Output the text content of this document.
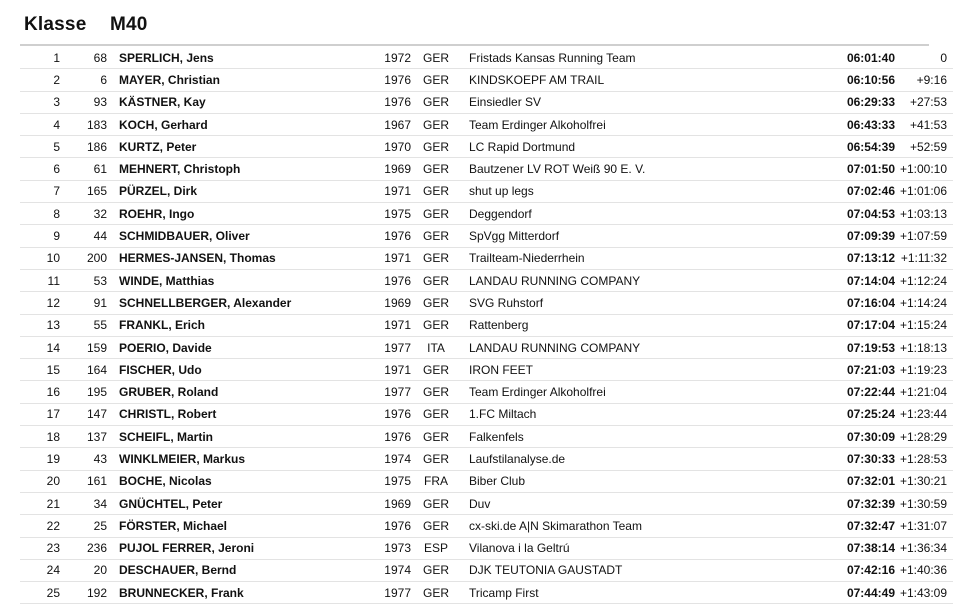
Klasse M40
1	68	SPERLICH, Jens	1972	GER	Fristads Kansas Running Team	06:01:40	0
2	6	MAYER, Christian	1976	GER	KINDSKOEPF AM TRAIL	06:10:56	+9:16
3	93	KÄSTNER, Kay	1976	GER	Einsiedler SV	06:29:33	+27:53
4	183	KOCH, Gerhard	1967	GER	Team Erdinger Alkoholfrei	06:43:33	+41:53
5	186	KURTZ, Peter	1970	GER	LC Rapid Dortmund	06:54:39	+52:59
6	61	MEHNERT, Christoph	1969	GER	Bautzener LV ROT Weiß 90 E. V.	07:01:50	+1:00:10
7	165	PÜRZEL, Dirk	1971	GER	shut up legs	07:02:46	+1:01:06
8	32	ROEHR, Ingo	1975	GER	Deggendorf	07:04:53	+1:03:13
9	44	SCHMIDBAUER, Oliver	1976	GER	SpVgg Mitterdorf	07:09:39	+1:07:59
10	200	HERMES-JANSEN, Thomas	1971	GER	Trailteam-Niederrhein	07:13:12	+1:11:32
11	53	WINDE, Matthias	1976	GER	LANDAU RUNNING COMPANY	07:14:04	+1:12:24
12	91	SCHNELLBERGER, Alexander	1969	GER	SVG Ruhstorf	07:16:04	+1:14:24
13	55	FRANKL, Erich	1971	GER	Rattenberg	07:17:04	+1:15:24
14	159	POERIO, Davide	1977	ITA	LANDAU RUNNING COMPANY	07:19:53	+1:18:13
15	164	FISCHER, Udo	1971	GER	IRON FEET	07:21:03	+1:19:23
16	195	GRUBER, Roland	1977	GER	Team Erdinger Alkoholfrei	07:22:44	+1:21:04
17	147	CHRISTL, Robert	1976	GER	1.FC Miltach	07:25:24	+1:23:44
18	137	SCHEIFL, Martin	1976	GER	Falkenfels	07:30:09	+1:28:29
19	43	WINKLMEIER, Markus	1974	GER	Laufstilanalyse.de	07:30:33	+1:28:53
20	161	BOCHE, Nicolas	1975	FRA	Biber Club	07:32:01	+1:30:21
21	34	GNÜCHTEL, Peter	1969	GER	Duv	07:32:39	+1:30:59
22	25	FÖRSTER, Michael	1976	GER	cx-ski.de A|N Skimarathon Team	07:32:47	+1:31:07
23	236	PUJOL FERRER, Jeroni	1973	ESP	Vilanova i la Geltrú	07:38:14	+1:36:34
24	20	DESCHAUER, Bernd	1974	GER	DJK TEUTONIA GAUSTADT	07:42:16	+1:40:36
25	192	BRUNNECKER, Frank	1977	GER	Tricamp First	07:44:49	+1:43:09
